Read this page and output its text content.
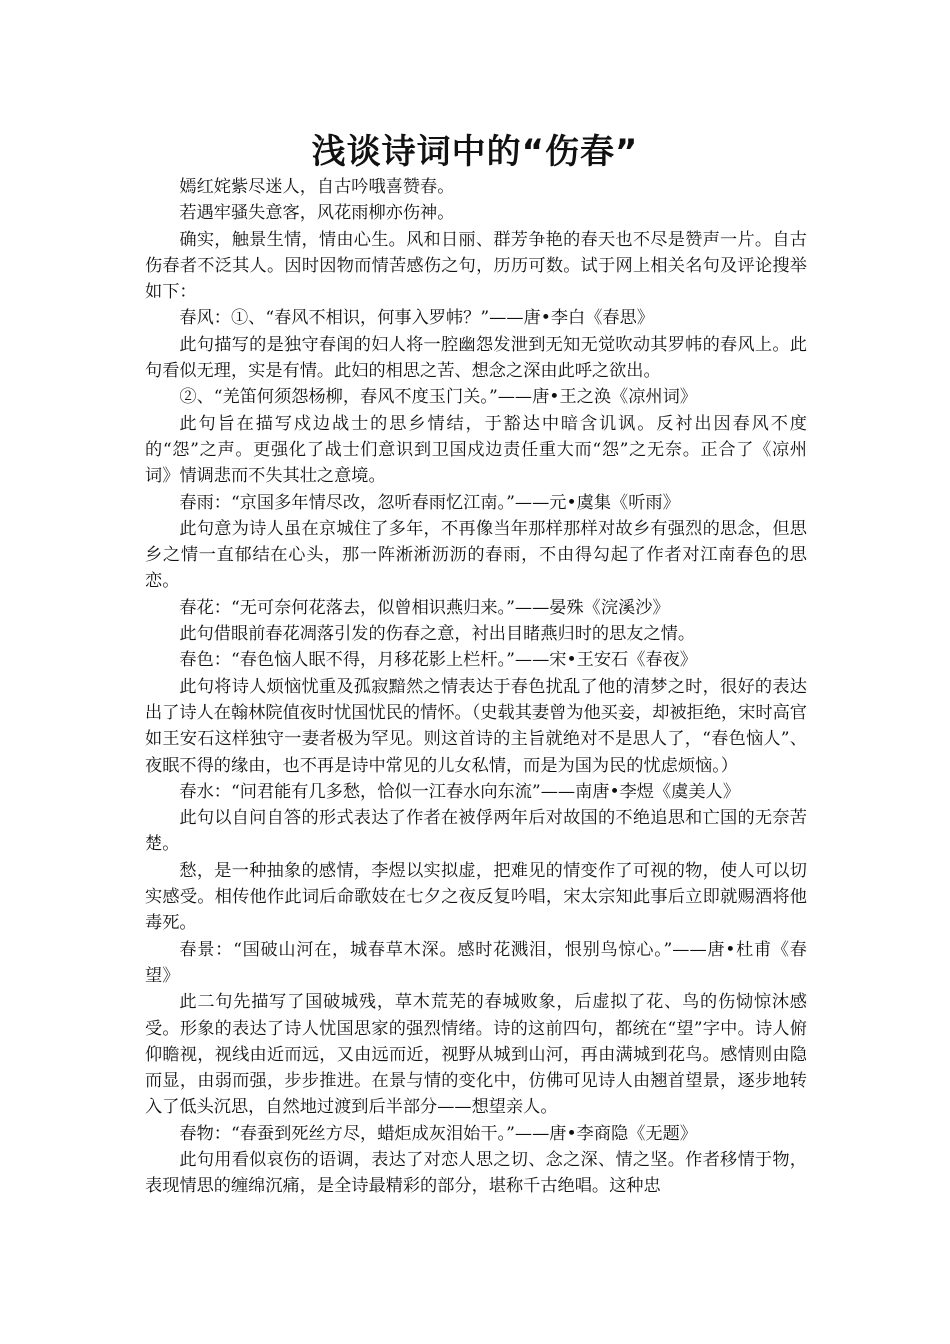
浅谈诗词中的“伤春”

嫣红姹紫尽迷人，自古吟哦喜赞春。

若遇牢骚失意客，风花雨柳亦伤神。

确实，触景生情，情由心生。风和日丽、群芳争艳的春天也不尽是赞声一片。自古伤春者不泛其人。因时因物而情苦感伤之句，历历可数。试于网上相关名句及评论搜举如下：

春风：①、“春风不相识，何事入罗帏？”——唐•李白《春思》

此句描写的是独守春闺的妇人将一腔幽怨发泄到无知无觉吹动其罗帏的春风上。此句看似无理，实是有情。此妇的相思之苦、想念之深由此呼之欲出。

②、“羌笛何须怨杨柳，春风不度玉门关。”——唐•王之涣《凉州词》

此句旨在描写戍边战士的思乡情结，于豁达中暗含讥讽。反衬出因春风不度的“怨”之声。更强化了战士们意识到卫国戍边责任重大而“怨”之无奈。正合了《凉州词》情调悲而不失其壮之意境。

春雨：“京国多年情尽改，忽听春雨忆江南。”——元•虞集《听雨》

此句意为诗人虽在京城住了多年，不再像当年那样那样对故乡有强烈的思念，但思乡之情一直郁结在心头，那一阵淅淅沥沥的春雨，不由得勾起了作者对江南春色的思恋。

春花：“无可奈何花落去，似曾相识燕归来。”——晏殊《浣溪沙》

此句借眼前春花凋落引发的伤春之意，衬出目睹燕归时的思友之情。

春色：“春色恼人眠不得，月移花影上栏杆。”——宋•王安石《春夜》

此句将诗人烦恼忧重及孤寂黯然之情表达于春色扰乱了他的清梦之时，很好的表达出了诗人在翰林院值夜时忧国忧民的情怀。（史载其妻曾为他买妾，却被拒绝，宋时高官如王安石这样独守一妻者极为罕见。则这首诗的主旨就绝对不是思人了，“春色恼人”、夜眠不得的缘由，也不再是诗中常见的儿女私情，而是为国为民的忧虑烦恼。）

春水：“问君能有几多愁，恰似一江春水向东流”——南唐•李煜《虞美人》

此句以自问自答的形式表达了作者在被俘两年后对故国的不绝追思和亡国的无奈苦楚。

愁，是一种抽象的感情，李煜以实拟虚，把难见的情变作了可视的物，使人可以切实感受。相传他作此词后命歌妓在七夕之夜反复吟唱，宋太宗知此事后立即就赐酒将他毒死。

春景：“国破山河在，城春草木深。感时花溅泪，恨别鸟惊心。”——唐•杜甫《春望》

此二句先描写了国破城残，草木荒芜的春城败象，后虚拟了花、鸟的伤恸惊沐感受。形象的表达了诗人忧国思家的强烈情绪。诗的这前四句，都统在“望”字中。诗人俯仰瞻视，视线由近而远，又由远而近，视野从城到山河，再由满城到花鸟。感情则由隐而显，由弱而强，步步推进。在景与情的变化中，仿佛可见诗人由翘首望景，逐步地转入了低头沉思，自然地过渡到后半部分——想望亲人。

春物：“春蚕到死丝方尽，蜡炬成灰泪始干。”——唐•李商隐《无题》

此句用看似哀伤的语调，表达了对恋人思之切、念之深、情之坚。作者移情于物，表现情思的缠绵沉痛，是全诗最精彩的部分，堪称千古绝唱。这种忠
